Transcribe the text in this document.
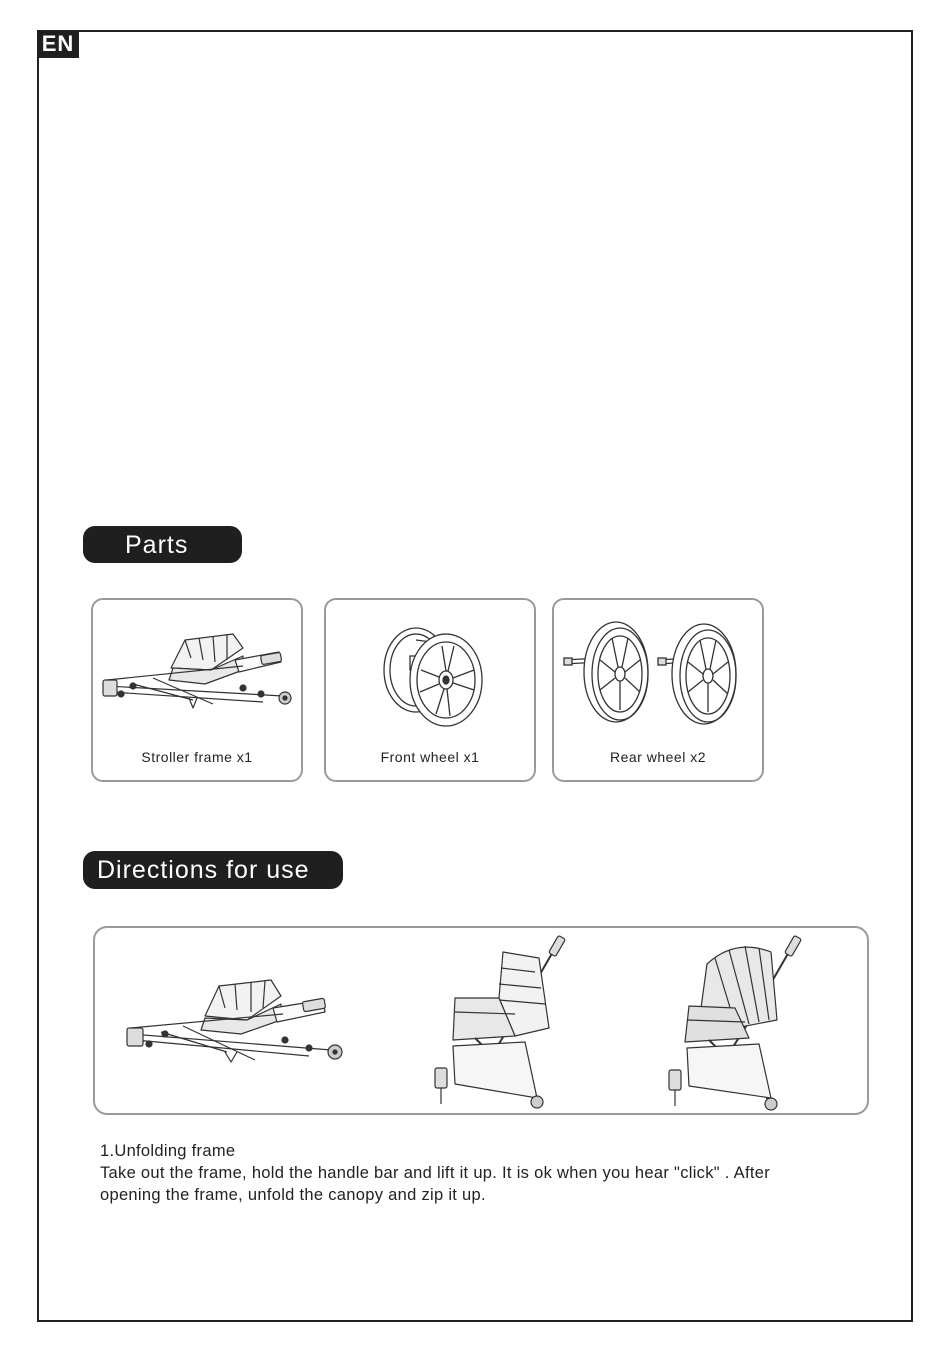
EN
Parts
Stroller frame x1	Front wheel x1	Rear wheel x2
Directions for use

1.Unfolding frame

Take out the frame, hold the handle bar and lift it up. It is ok when you hear "click" . After

opening the frame, unfold the canopy and zip it up.
